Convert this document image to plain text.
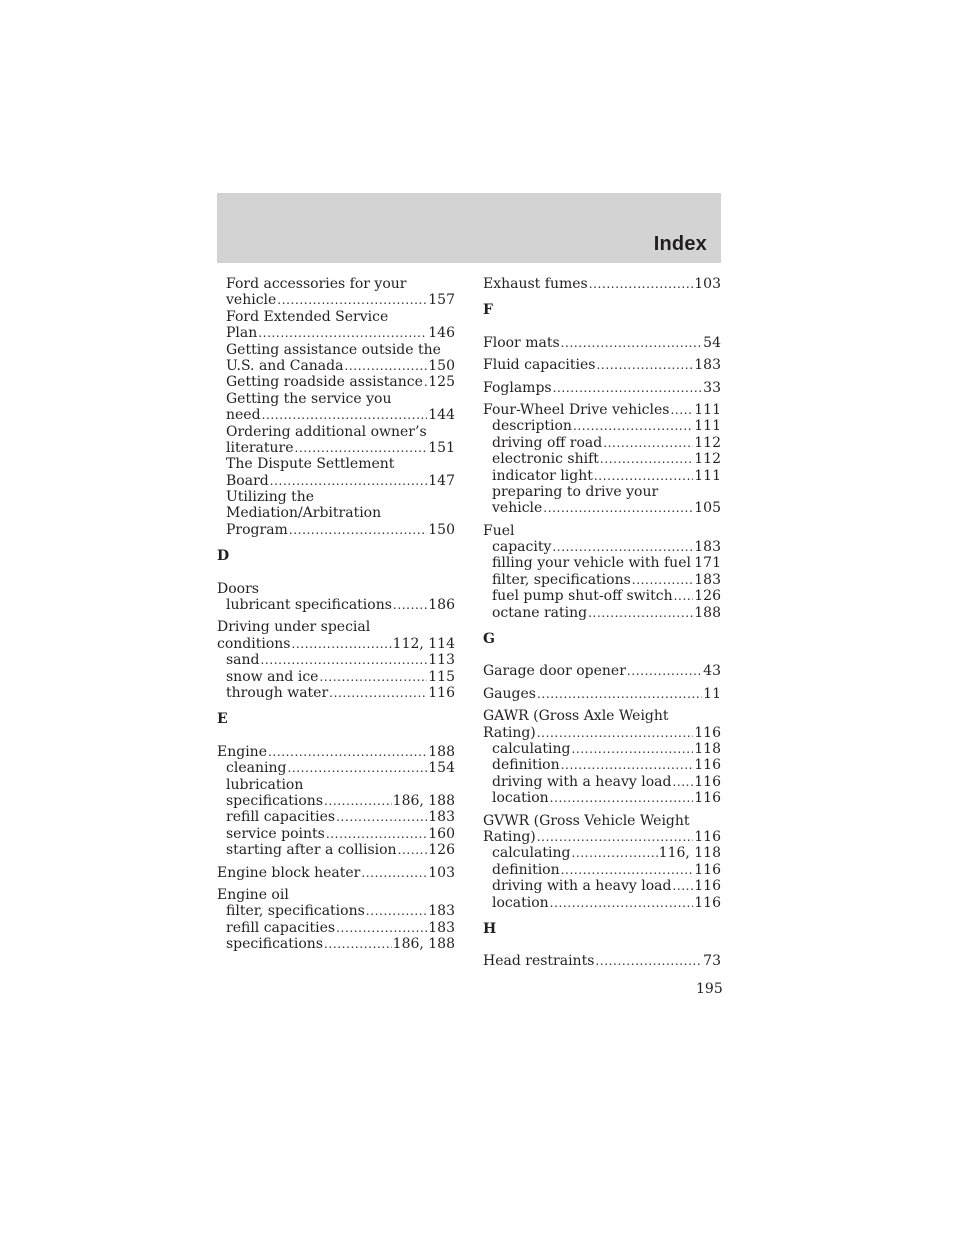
Index
Ford accessories for your
vehicle .....	157
Ford Extended Service
Plan .....	146
Getting assistance outside the
U.S. and Canada .....	150
Getting roadside assistance ..... 125
Getting the service you
need .....	144
Ordering additional owner’s
literature .....	151
The Dispute Settlement
Board .....	147
Utilizing the
Mediation/Arbitration
Program .....	150
D
Doors
lubricant specifications .....	186
Driving under special
conditions .....	112, 114
sand .....	113
snow and ice .....	115
through water .....	116
E
Engine .....	188
cleaning .....	154
lubrication
specifications .....	186, 188
refill capacities .....	183
service points .....	160
starting after a collision ..... 126
Engine block heater .....	103
Engine oil
filter, specifications .....	183
refill capacities .....	183
specifications .....	186, 188
Exhaust fumes .....	103
F
Floor mats .....	54
Fluid capacities .....	183
Foglamps .....	33
Four-Wheel Drive vehicles ..... 111
description .....	111
driving off road .....	112
electronic shift .....	112
indicator light .....	111
preparing to drive your
vehicle .....	105
Fuel
capacity .....	183
filling your vehicle with fuel ..... 171
filter, specifications .....	183
fuel pump shut-off switch ..... 126
octane rating .....	188
G
Garage door opener .....	43
Gauges .....	11
GAWR (Gross Axle Weight
Rating) .....	116
calculating .....	118
definition .....	116
driving with a heavy load ..... 116
location .....	116
GVWR (Gross Vehicle Weight
Rating) .....	116
calculating .....	116, 118
definition .....	116
driving with a heavy load ..... 116
location .....	116
H
Head restraints .....	73
195
